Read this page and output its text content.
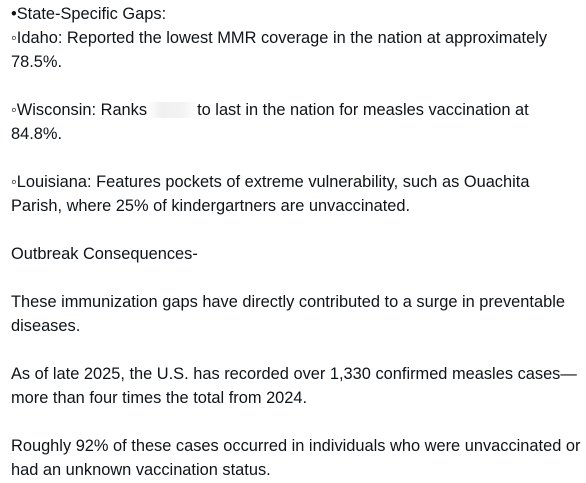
•State-Specific Gaps:

◦Idaho: Reported the lowest MMR coverage in the nation at approximately 78.5%.

◦Wisconsin: Ranks	to last in the nation for measles vaccination at 84.8%.

◦Louisiana: Features pockets of extreme vulnerability, such as Ouachita Parish, where 25% of kindergartners are unvaccinated.

Outbreak Consequences-

These immunization gaps have directly contributed to a surge in preventable diseases.

As of late 2025, the U.S. has recorded over 1,330 confirmed measles cases—more than four times the total from 2024.

Roughly 92% of these cases occurred in individuals who were unvaccinated or had an unknown vaccination status.
